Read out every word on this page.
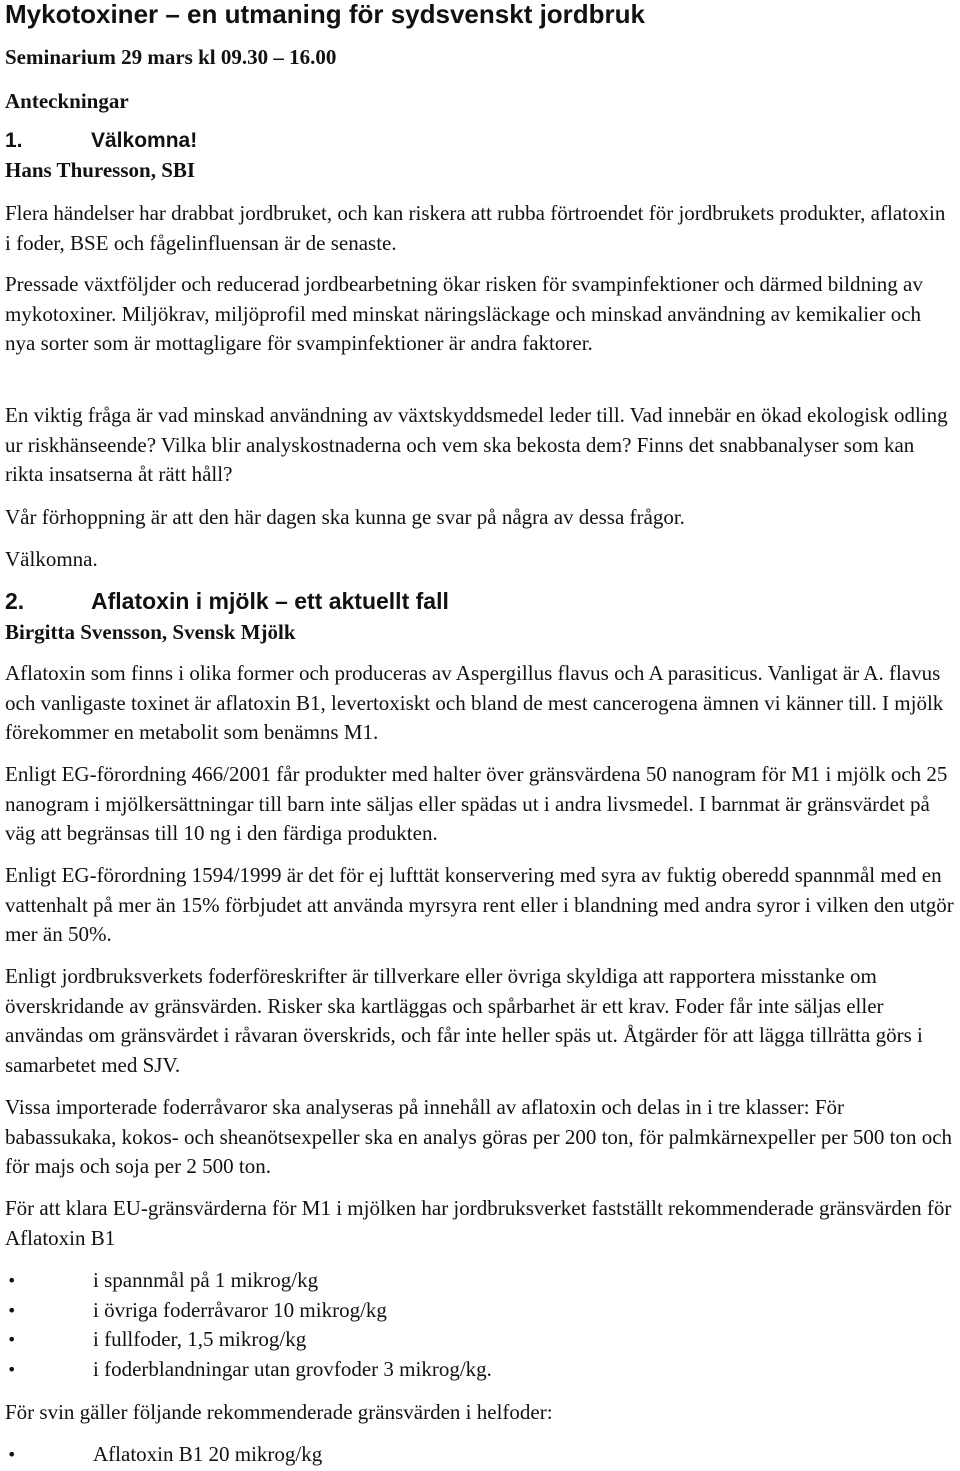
Mykotoxiner – en utmaning för sydsvenskt jordbruk
Seminarium 29 mars kl 09.30 – 16.00
Anteckningar
1.	Välkomna!
Hans Thuresson, SBI

Flera händelser har drabbat jordbruket, och kan riskera att rubba förtroendet för jordbrukets produkter, aflatoxin i foder, BSE och fågelinfluensan är de senaste.

Pressade växtföljder och reducerad jordbearbetning ökar risken för svampinfektioner och därmed bildning av mykotoxiner. Miljökrav, miljöprofil med minskat näringsläckage och minskad användning av kemikalier och nya sorter som är mottagligare för svampinfektioner är andra faktorer.

En viktig fråga är vad minskad användning av växtskyddsmedel leder till. Vad innebär en ökad ekologisk odling ur riskhänseende? Vilka blir analyskostnaderna och vem ska bekosta dem? Finns det snabbanalyser som kan rikta insatserna åt rätt håll?

Vår förhoppning är att den här dagen ska kunna ge svar på några av dessa frågor.

Välkomna.

2.	Aflatoxin i mjölk – ett aktuellt fall
Birgitta Svensson, Svensk Mjölk

Aflatoxin som finns i olika former och produceras av Aspergillus flavus och A parasiticus. Vanligat är A. flavus och vanligaste toxinet är aflatoxin B1, levertoxiskt och bland de mest cancerogena ämnen vi känner till. I mjölk förekommer en metabolit som benämns M1.

Enligt EG-förordning 466/2001 får produkter med halter över gränsvärdena 50 nanogram för M1 i mjölk och 25 nanogram i mjölkersättningar till barn inte säljas eller spädas ut i andra livsmedel. I barnmat är gränsvärdet på väg att begränsas till 10 ng i den färdiga produkten.

Enligt EG-förordning 1594/1999 är det för ej lufttät konservering med syra av fuktig oberedd spannmål med en vattenhalt på mer än 15% förbjudet att använda myrsyra rent eller i blandning med andra syror i vilken den utgör mer än 50%.

Enligt jordbruksverkets foderföreskrifter är tillverkare eller övriga skyldiga att rapportera misstanke om överskridande av gränsvärden. Risker ska kartläggas och spårbarhet är ett krav. Foder får inte säljas eller användas om gränsvärdet i råvaran överskrids, och får inte heller späs ut. Åtgärder för att lägga tillrätta görs i samarbetet med SJV.

Vissa importerade foderråvaror ska analyseras på innehåll av aflatoxin och delas in i tre klasser: För babassukaka, kokos- och sheanötsexpeller ska en analys göras per 200 ton, för palmkärnexpeller per 500 ton och för majs och soja per 2 500 ton.

För att klara EU-gränsvärderna för M1 i mjölken har jordbruksverket fastställt rekommenderade gränsvärden för Aflatoxin B1

•	i spannmål på 1 mikrog/kg
•	i övriga foderråvaror 10 mikrog/kg
•	i fullfoder, 1,5 mikrog/kg
•	i foderblandningar utan grovfoder 3 mikrog/kg.

För svin gäller följande rekommenderade gränsvärden i helfoder:

•	Aflatoxin B1 20 mikrog/kg
